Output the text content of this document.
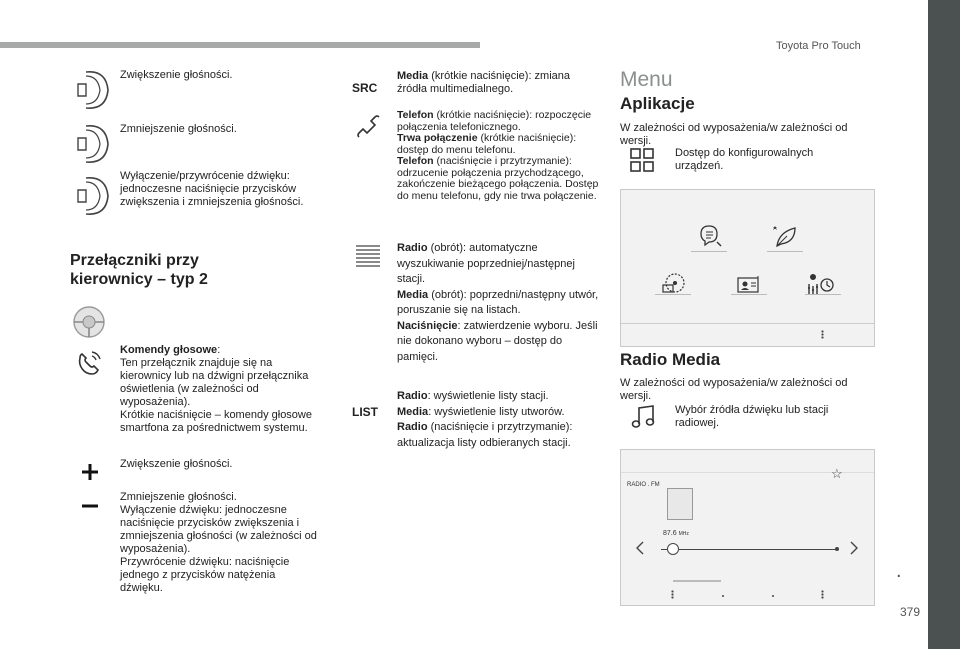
Toyota Pro Touch
.
379
Zwiększenie głośności.
Zmniejszenie głośności.
Wyłączenie/przywrócenie dźwięku: jednoczesne naciśnięcie przycisków zwiększenia i zmniejszenia głośności.
Przełączniki przy kierownicy – typ 2
Komendy głosowe:
Ten przełącznik znajduje się na kierownicy lub na dźwigni przełącznika oświetlenia (w zależności od wyposażenia).
Krótkie naciśnięcie – komendy głosowe smartfona za pośrednictwem systemu.
Zwiększenie głośności.
Zmniejszenie głośności.
Wyłączenie dźwięku: jednoczesne naciśnięcie przycisków zwiększenia i zmniejszenia głośności (w zależności od wyposażenia).
Przywrócenie dźwięku: naciśnięcie jednego z przycisków natężenia dźwięku.
SRC
Media (krótkie naciśnięcie): zmiana źródła multimedialnego.

Telefon (krótkie naciśnięcie): rozpoczęcie połączenia telefonicznego.

Trwa połączenie (krótkie naciśnięcie): dostęp do menu telefonu.

Telefon (naciśnięcie i przytrzymanie): odrzucenie połączenia przychodzącego, zakończenie bieżącego połączenia. Dostęp do menu telefonu, gdy nie trwa połączenie.

Radio (obrót): automatyczne wyszukiwanie poprzedniej/następnej stacji.

Media (obrót): poprzedni/następny utwór, poruszanie się na listach.

Naciśnięcie: zatwierdzenie wyboru. Jeśli nie dokonano wyboru – dostęp do pamięci.

LIST

Radio: wyświetlenie listy stacji.

Media: wyświetlenie listy utworów.

Radio (naciśnięcie i przytrzymanie): aktualizacja listy odbieranych stacji.

Menu
Aplikacje
W zależności od wyposażenia/w zależności od wersji.
Dostęp do konfigurowalnych urządzeń.
Radio Media
W zależności od wyposażenia/w zależności od wersji.
Wybór źródła dźwięku lub stacji radiowej.
☆
RADIO . FM
87.6 MHz
